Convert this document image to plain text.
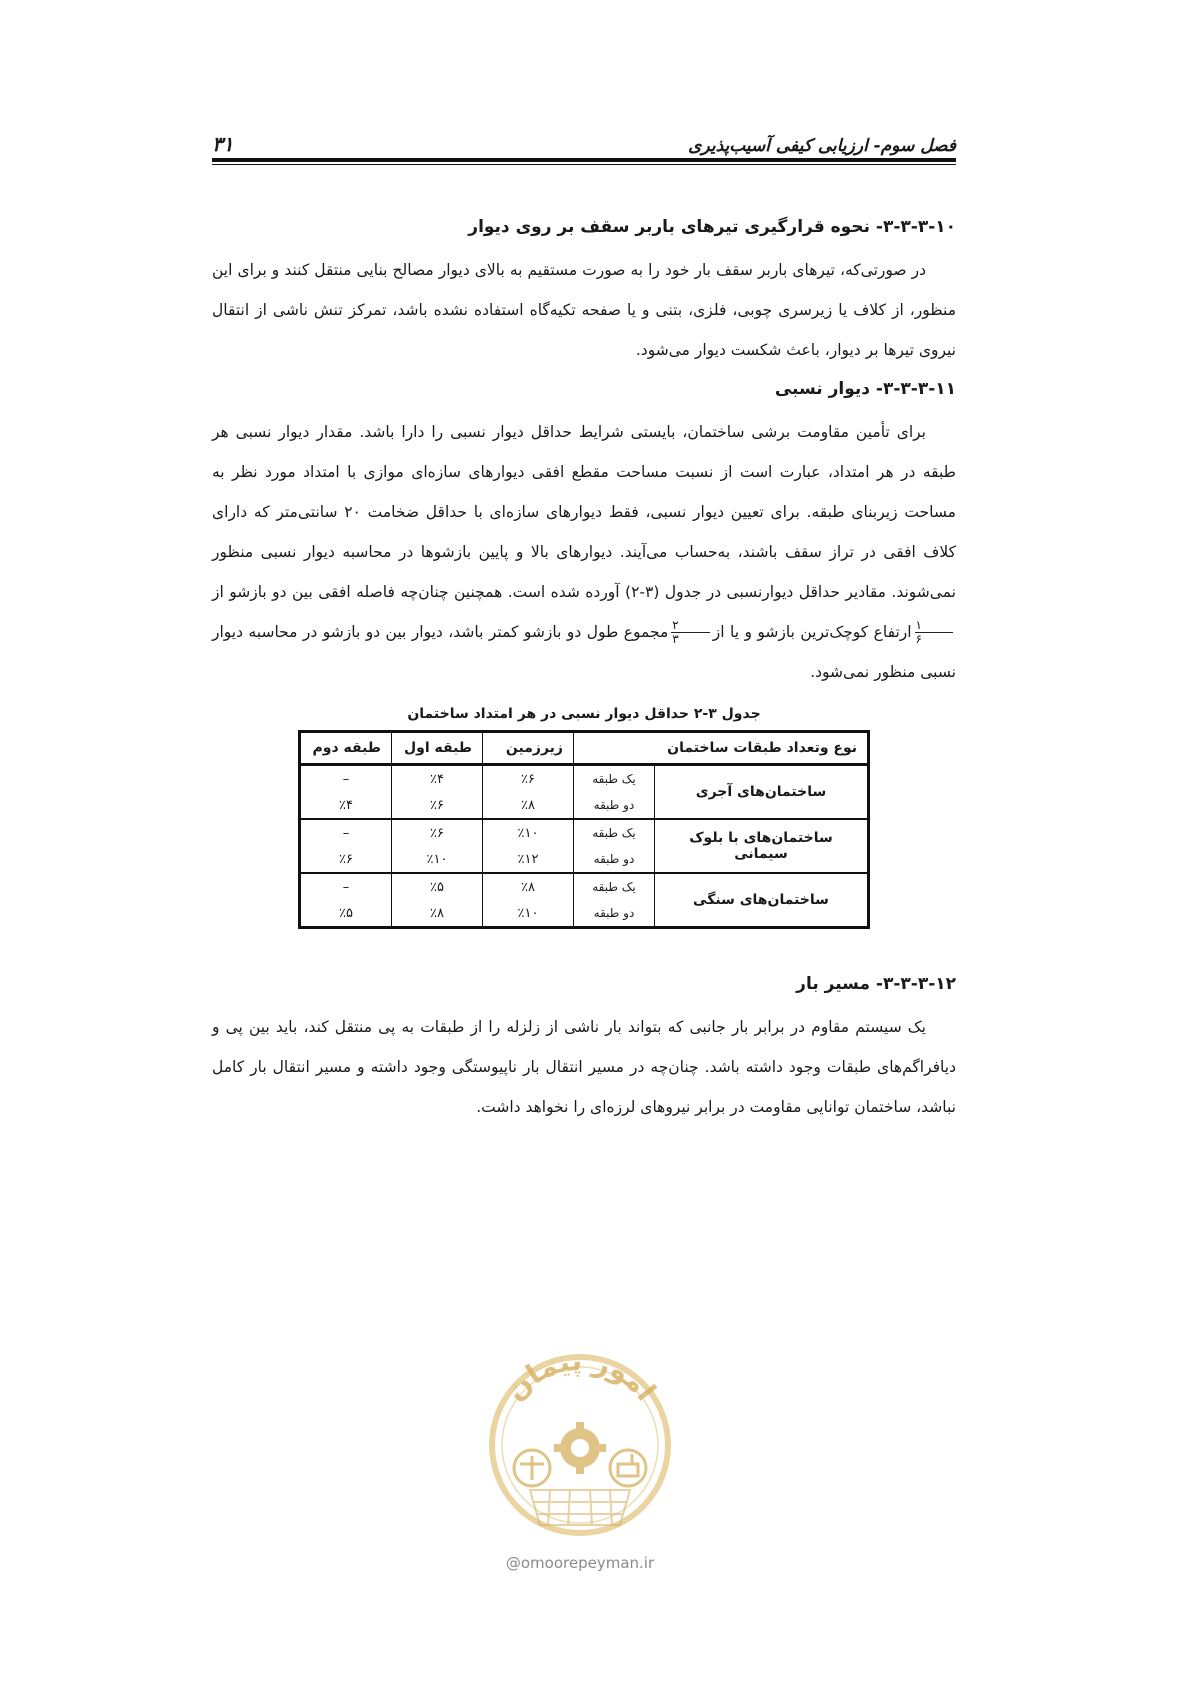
فصل سوم- ارزیابی کیفی آسیب‌پذیری
۳۱
۳-۳-۳-۱۰- نحوه قرارگیری تیرهای باربر سقف بر روی دیوار

در صورتی‌که، تیرهای باربر سقف بار خود را به صورت مستقیم به بالای دیوار مصالح بنایی منتقل کنند و برای این منظور، از کلاف یا زیرسری چوبی، فلزی، بتنی و یا صفحه تکیه‌گاه استفاده نشده باشد، تمرکز تنش ناشی از انتقال نیروی تیرها بر دیوار، باعث شکست دیوار می‌شود.

۳-۳-۳-۱۱- دیوار نسبی

برای تأمین مقاومت برشی ساختمان، بایستی شرایط حداقل دیوار نسبی را دارا باشد. مقدار دیوار نسبی هر طبقه در هر امتداد، عبارت است از نسبت مساحت مقطع افقی دیوارهای سازه‌ای موازی با امتداد مورد نظر به مساحت زیربنای طبقه. برای تعیین دیوار نسبی، فقط دیوارهای سازه‌ای با حداقل ضخامت ۲۰ سانتی‌متر که دارای کلاف افقی در تراز سقف باشند، به‌حساب می‌آیند. دیوارهای بالا و پایین بازشوها در محاسبه دیوار نسبی منظور نمی‌شوند. مقادیر حداقل دیوارنسبی در جدول (۳-۲) آورده شده است. همچنین چنان‌چه فاصله افقی بین دو بازشو از
$\frac{۱}{۶}$
ارتفاع کوچک‌ترین بازشو و یا از
$\frac{۲}{۳}$
مجموع طول دو بازشو کمتر باشد، دیوار بین دو بازشو در محاسبه دیوار نسبی منظور نمی‌شود.

جدول ۳-۲ حداقل دیوار نسبی در هر امتداد ساختمان
نوع وتعداد طبقات ساختمان		زیرزمین	طبقه اول	طبقه دوم
ساختمان‌های آجری	یک طبقه	٪۶	٪۴	–
	دو طبقه	٪۸	٪۶	٪۴
ساختمان‌های با بلوک سیمانی	یک طبقه	٪۱۰	٪۶	–
	دو طبقه	٪۱۲	٪۱۰	٪۶
ساختمان‌های سنگی	یک طبقه	٪۸	٪۵	–
	دو طبقه	٪۱۰	٪۸	٪۵
۳-۳-۳-۱۲- مسیر بار

یک سیستم مقاوم در برابر بار جانبی که بتواند بار ناشی از زلزله را از طبقات به پی منتقل کند، باید بین پی و دیافراگم‌های طبقات وجود داشته باشد. چنان‌چه در مسیر انتقال بار ناپیوستگی وجود داشته و مسیر انتقال بار کامل نباشد، ساختمان توانایی مقاومت در برابر نیروهای لرزه‌ای را نخواهد داشت.

امور پیمان
@omoorepeyman.ir
